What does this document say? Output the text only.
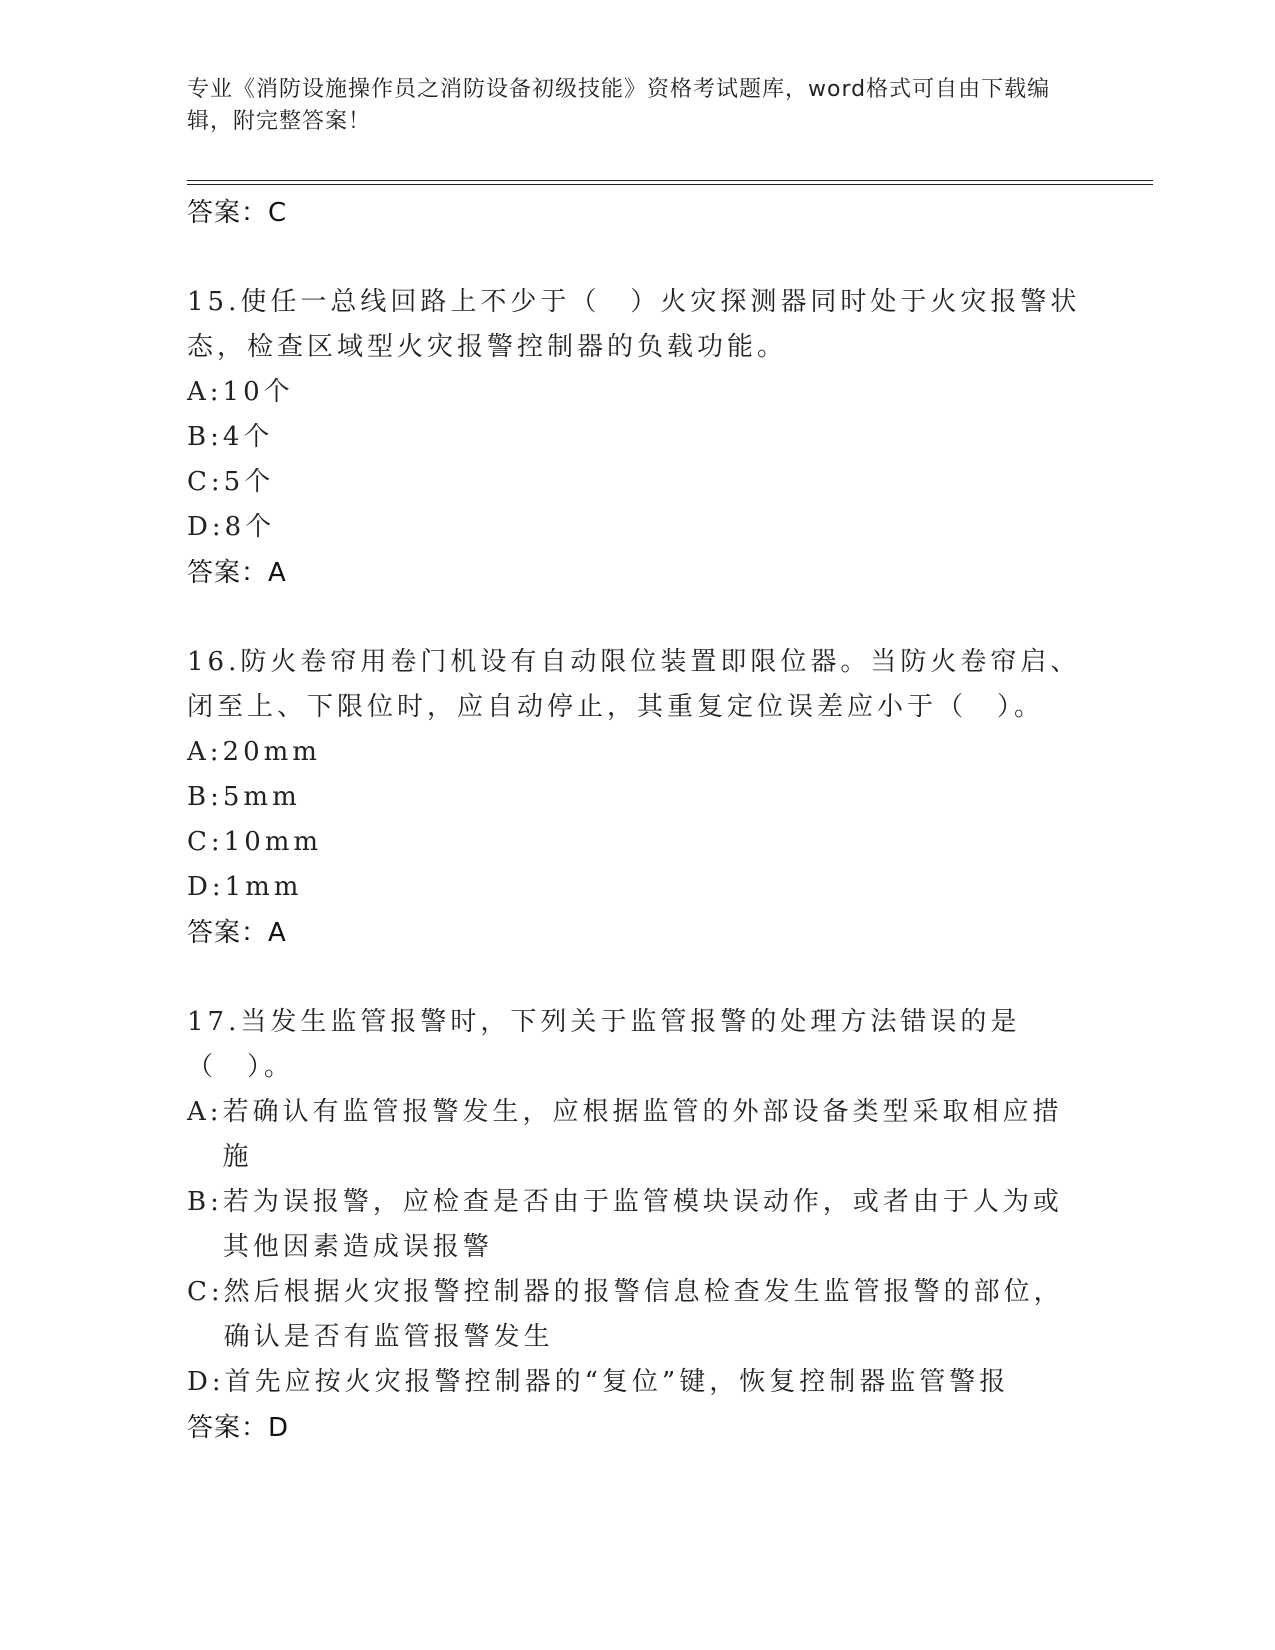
专业《消防设施操作员之消防设备初级技能》资格考试题库，word格式可自由下载编辑，附完整答案！
答案：C
15.使任一总线回路上不少于（　）火灾探测器同时处于火灾报警状态，检查区域型火灾报警控制器的负载功能。
A: 10个
B: 4个
C: 5个
D: 8个
答案：A
16.防火卷帘用卷门机设有自动限位装置即限位器。当防火卷帘启、闭至上、下限位时，应自动停止，其重复定位误差应小于（　）。
A: 20mm
B: 5mm
C: 10mm
D: 1mm
答案：A
17.当发生监管报警时，下列关于监管报警的处理方法错误的是（　）。
A: 若确认有监管报警发生，应根据监管的外部设备类型采取相应措施
B: 若为误报警，应检查是否由于监管模块误动作，或者由于人为或其他因素造成误报警
C: 然后根据火灾报警控制器的报警信息检查发生监管报警的部位，确认是否有监管报警发生
D: 首先应按火灾报警控制器的“复位”键，恢复控制器监管警报
答案：D
